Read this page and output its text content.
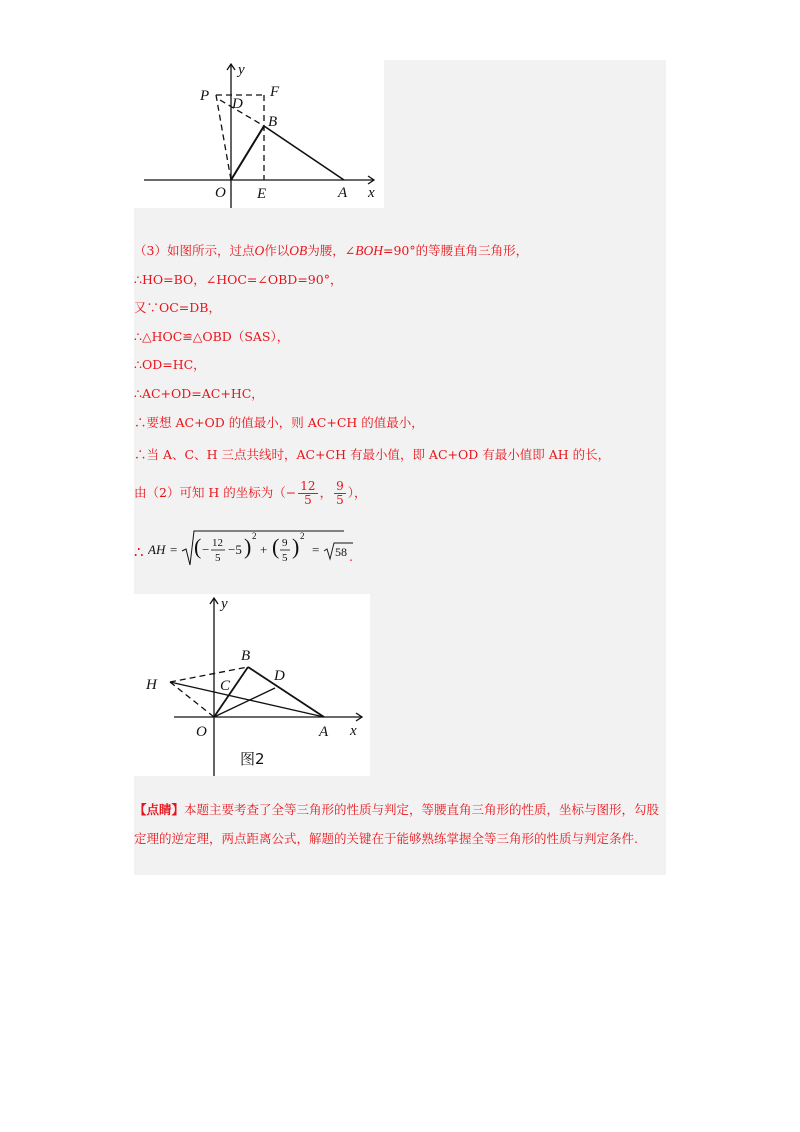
P D
F
B
y
O E	A x
（3）如图所示，过点O作以OB为腰，∠BOH=90°的等腰直角三角形，
∴HO=BO，∠HOC=∠OBD=90°，
又∵OC=DB，
∴△HOC≌△OBD（SAS），
∴OD=HC，
∴AC+OD=AC+HC，
∴要想 AC+OD 的值最小，则 AC+CH 的值最小，
∴当 A、C、H 三点共线时，AC+CH 有最小值，即 AC+OD 有最小值即 AH 的长，
由（2）可知 H 的坐标为（− $\frac{12}{5}$ ， $\frac{9}{5}$ ），
∴ AH = ( − 12
5
−5 ) 2
+ ( 9
5 ) 2
= 58 .
y
B
D
H	C
O	A x
图2
【点睛】本题主要考查了全等三角形的性质与判定，等腰直角三角形的性质，坐标与图形，勾股定理的逆定理，两点距离公式，解题的关键在于能够熟练掌握全等三角形的性质与判定条件.
